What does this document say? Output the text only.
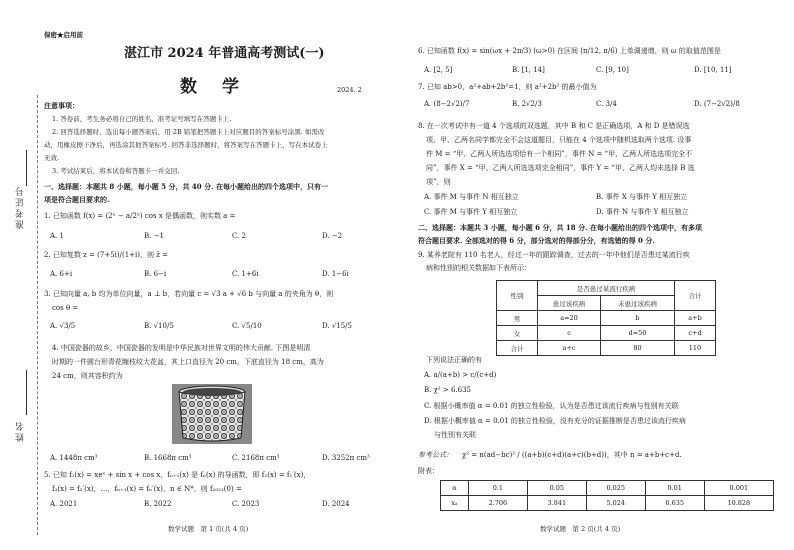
准考证号
姓名
保密★启用前
湛江市 2024 年普通高考测试(一)
数　学	2024. 2
注意事项：
1. 答卷前，考生务必将自己的姓名、准考证号填写在答题卡上.
2. 回答选择题时，选出每小题答案后，用 2B 铅笔把答题卡上对应题目的答案标号涂黑. 如需改
动，用橡皮擦干净后，再选涂其他答案标号. 回答非选择题时，将答案写在答题卡上，写在本试卷上
无效.
3. 考试结束后，将本试卷和答题卡一并交回.
一、选择题：本题共 8 小题，每小题 5 分，共 40 分. 在每小题给出的四个选项中，只有一
项是符合题目要求的.
1. 已知函数 f(x) = (2ˣ − a/2ˣ) cos x 是偶函数，则实数 a =
A. 1	B. −1	C. 2	D. −2
2. 已知复数 z = (7+5i)/(1+i)，则 z̄ =
A. 6+i	B. 6−i	C. 1+6i	D. 1−6i
3. 已知向量 a, b 均为单位向量，a ⊥ b，若向量 c = √3 a + √6 b 与向量 a 的夹角为 θ，则
cos θ =
A. √3/5	B. √10/5	C. √5/10	D. √15/5
4. 中国瓷器的故乡，中国瓷器的发明是中华民族对世界文明的伟大贡献. 下图是明清
时期的一件圆台形青花缠枝纹大花盆，其上口直径为 20 cm，下底直径为 18 cm，高为
24 cm，则其容积约为
A. 1448π cm³	B. 1668π cm³	C. 2168π cm³	D. 3252π cm³
5. 已知 f₁(x) = xeˣ + sin x + cos x，fₙ₊₁(x) 是 fₙ(x) 的导函数，即 f₂(x) = f₁′(x)，
f₃(x) = f₂′(x)，…，fₙ₊₁(x) = fₙ′(x)，n ∈ N*，则 f₂₀₂₁(0) =
A. 2021	B. 2022	C. 2023	D. 2024
数学试题　第 1 页(共 4 页)
6. 已知函数 f(x) = sin(ωx + 2π/3) (ω>0) 在区间 (π/12, π/6) 上单调递增，则 ω 的取值范围是
A. [2, 5]	B. [1, 14]	C. [9, 10]	D. [10, 11]
7. 已知 ab>0，a²+ab+2b²=1，则 a²+2b² 的最小值为
A. (8−2√2)/7	B. 2√2/3	C. 3/4	D. (7−2√2)/8
8. 在一次考试中有一道 4 个选项的双选题，其中 B 和 C 是正确选项，A 和 D 是错误选
项，甲、乙两名同学都完全不会这道题目，只能在 4 个选项中随机选取两个选项. 设事
件 M = “甲、乙两人所选选项恰有一个相同”，事件 N = “甲、乙两人所选选项完全不
同”，事件 X = “甲、乙两人所选选项完全相同”，事件 Y = “甲、乙两人均未选择 B 选
项”，则
A. 事件 M 与事件 N 相互独立	B. 事件 X 与事件 Y 相互独立
C. 事件 M 与事件 Y 相互独立	D. 事件 N 与事件 Y 相互独立
二、选择题：本题共 3 小题，每小题 6 分，共 18 分. 在每小题给出的四个选项中，有多项
符合题目要求. 全部选对的得 6 分，部分选对的得部分分，有选错的得 0 分.
9. 某养老院有 110 名老人，经过一年的跟踪调查，过去的一年中他们是否患过某流行疾
病和性别的相关数据如下表所示：
性别	是否患过某流行疾病		合计
	患过该疾病	未患过该疾病	
男	a=20	b	a+b
女	c	d=50	c+d
合计	a+c	80	110
下列说法正确的有
A. a/(a+b) > c/(c+d)
B. χ² > 6.635
C. 根据小概率值 α = 0.01 的独立性检验，认为是否患过该流行疾病与性别有关联
D. 根据小概率值 α = 0.01 的独立性检验，没有充分的证据推断是否患过该流行疾病
与性别有关联
参考公式： χ² = n(ad−bc)² / ((a+b)(c+d)(a+c)(b+d))，其中 n = a+b+c+d.
附表：
α	0.1	0.05	0.025	0.01	0.001
xₐ	2.706	3.841	5.024	6.635	10.828
数学试题　第 2 页(共 4 页)
